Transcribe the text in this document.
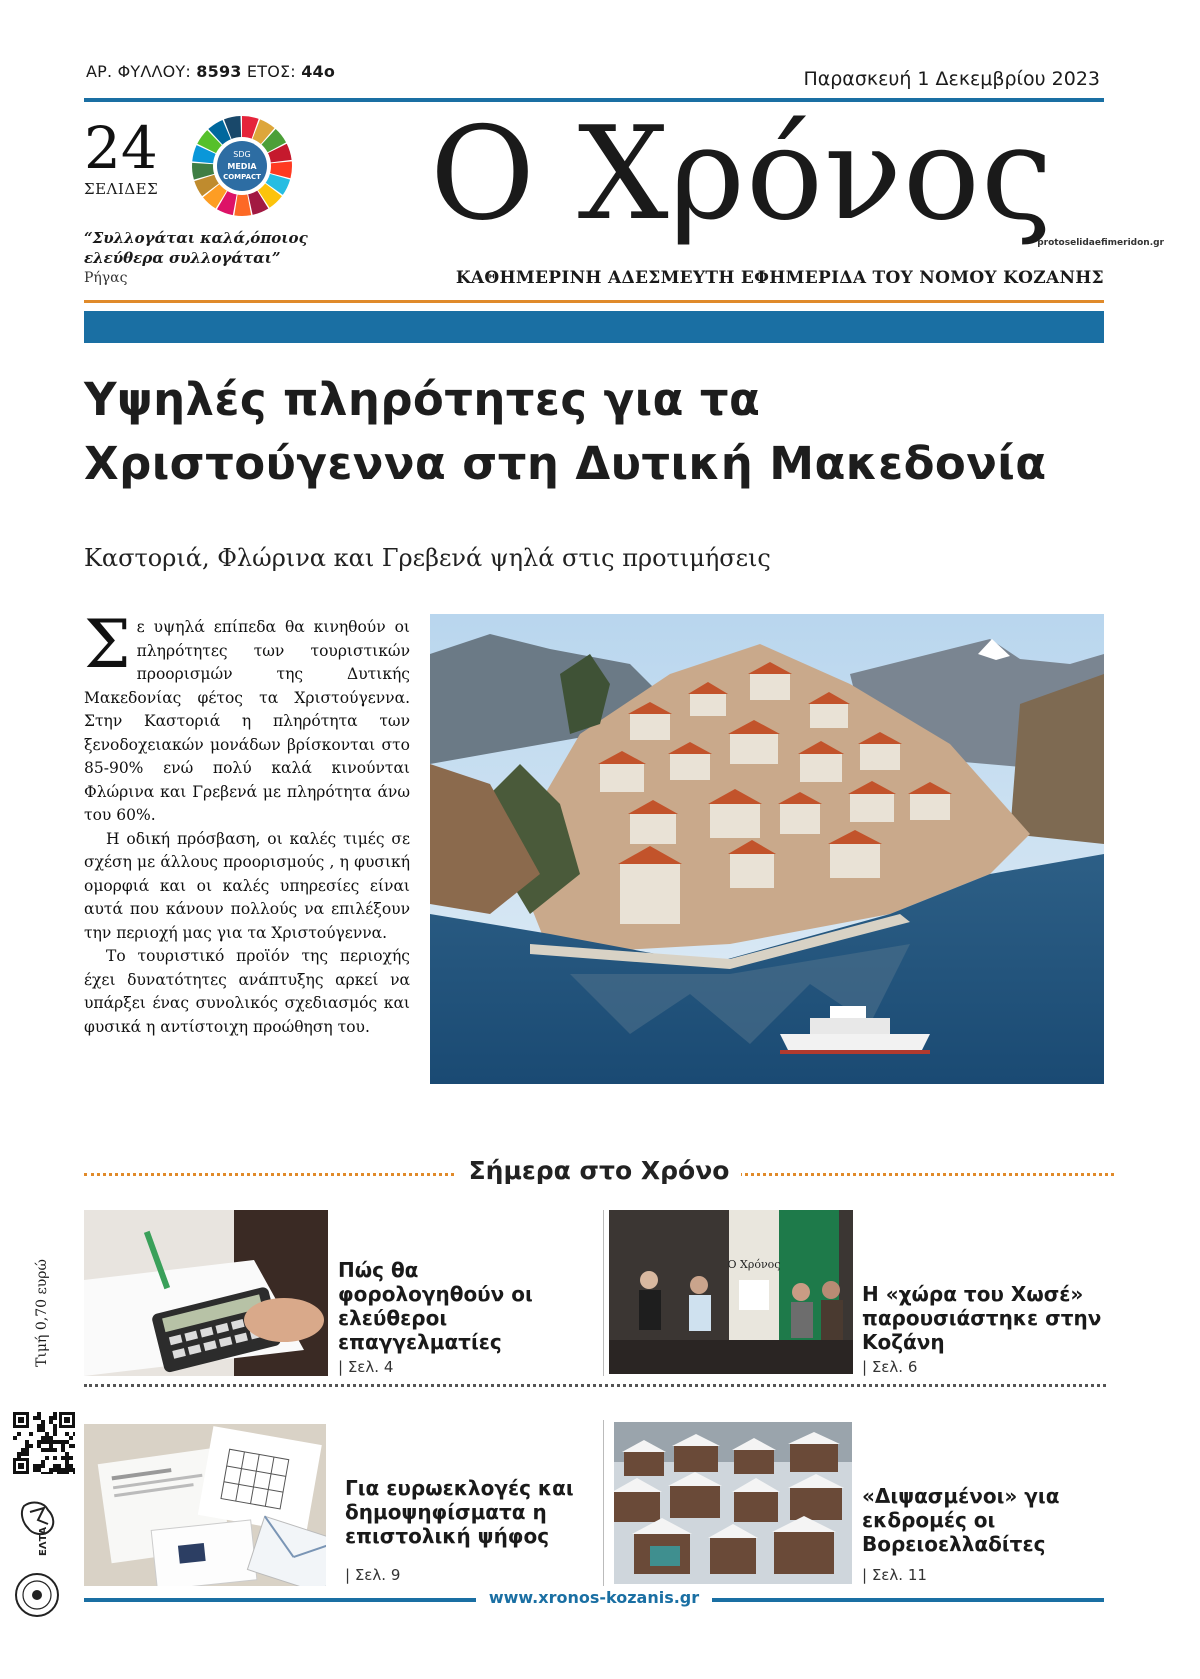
ΑΡ. ΦΥΛΛΟΥ: 8593 ΕΤΟΣ: 44ο	Παρασκευή 1 Δεκεμβρίου 2023
24
ΣΕΛΙΔΕΣ
SDG
MEDIA
COMPACT
“Συλλογάται καλά,όποιος ελεύθερα συλλογάται”
Ρήγας
Ο Χρόνος
protoselidaefimeridon.gr
ΚΑΘΗΜΕΡΙΝΗ ΑΔΕΣΜΕΥΤΗ ΕΦΗΜΕΡΙΔΑ ΤΟΥ ΝΟΜΟΥ ΚΟΖΑΝΗΣ
Υψηλές πληρότητες για τα
Χριστούγεννα στη Δυτική Μακεδονία
Καστοριά, Φλώρινα και Γρεβενά ψηλά στις προτιμήσεις

Σε υψηλά επίπεδα θα κινηθούν οι πληρότητες των τουριστικών προορισμών της Δυτικής Μακεδονίας φέτος τα Χριστούγεννα. Στην Καστοριά η πληρότητα των ξενοδοχειακών μονάδων βρίσκονται στο 85-90% ενώ πολύ καλά κινούνται Φλώρινα και Γρεβενά με πληρότητα άνω του 60%.

Η οδική πρόσβαση, οι καλές τιμές σε σχέση με άλλους προορισμούς , η φυσική ομορφιά και οι καλές υπηρεσίες είναι αυτά που κάνουν πολλούς να επιλέξουν την περιοχή μας για τα Χριστούγεννα.

Το τουριστικό προϊόν της περιοχής έχει δυνατότητες ανάπτυξης αρκεί να υπάρξει ένας συνολικός σχεδιασμός και φυσικά η αντίστοιχη προώθηση του.

Σήμερα στο Χρόνο
Πώς θα φορολογηθούν οι ελεύθεροι επαγγελματίες
| Σελ. 4
Ο Χρόνος
Η «χώρα του Χωσέ» παρουσιάστηκε στην Κοζάνη
| Σελ. 6
Τιμή 0,70 ευρώ
ΕΛΤΑ
Για ευρωεκλογές και δημοψηφίσματα η επιστολική ψήφος
| Σελ. 9
«Διψασμένοι» για εκδρομές οι Βορειοελλαδίτες
| Σελ. 11
www.xronos-kozanis.gr
